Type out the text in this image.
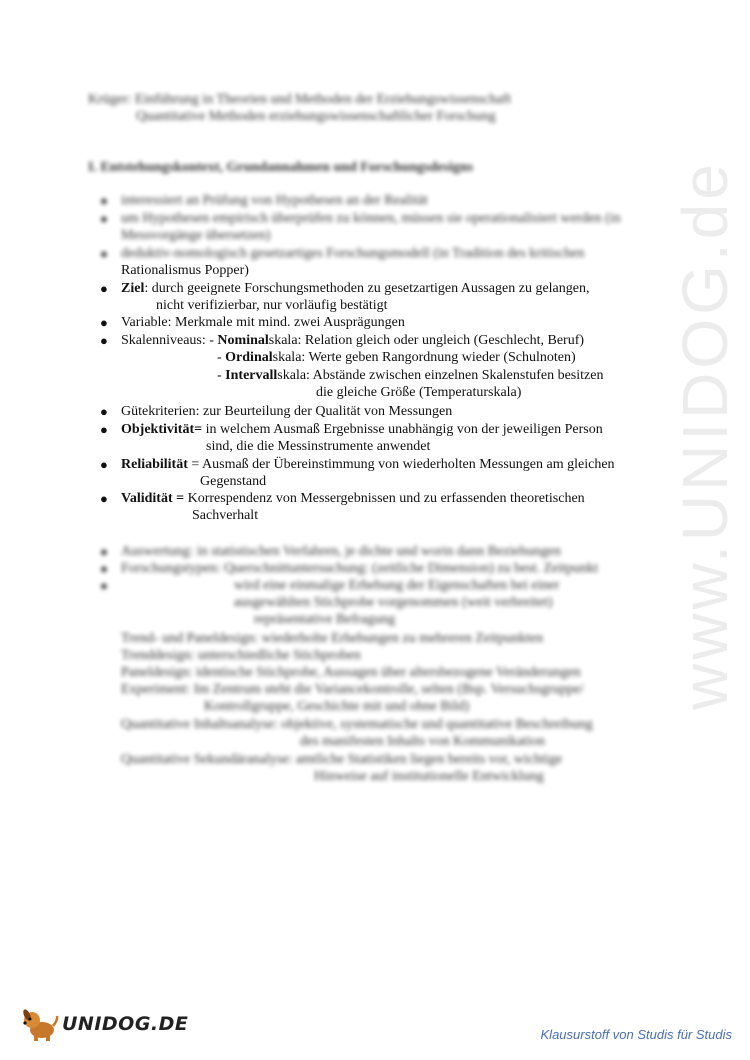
www.UNIDOG.de
Krüger: Einführung in Theorien und Methoden der Erziehungswissenschaft
Quantitative Methoden erziehungswissenschaftlicher Forschung
I. Entstehungskontext, Grundannahmen und Forschungsdesigns
● interessiert an Prüfung von Hypothesen an der Realität
● um Hypothesen empirisch überprüfen zu können, müssen sie operationalisiert werden (in
Messvorgänge übersetzen)
● deduktiv-nomologisch gesetzartiges Forschungsmodell (in Tradition des kritischen
Rationalismus Popper)
● Ziel: durch geeignete Forschungsmethoden zu gesetzartigen Aussagen zu gelangen,
nicht verifizierbar, nur vorläufig bestätigt
● Variable: Merkmale mit mind. zwei Ausprägungen
● Skalenniveaus: - Nominalskala: Relation gleich oder ungleich (Geschlecht, Beruf)
- Ordinalskala: Werte geben Rangordnung wieder (Schulnoten)
- Intervallskala: Abstände zwischen einzelnen Skalenstufen besitzen
die gleiche Größe (Temperaturskala)
● Gütekriterien: zur Beurteilung der Qualität von Messungen
● Objektivität= in welchem Ausmaß Ergebnisse unabhängig von der jeweiligen Person
sind, die die Messinstrumente anwendet
● Reliabilität = Ausmaß der Übereinstimmung von wiederholten Messungen am gleichen
Gegenstand
● Validität = Korrespendenz von Messergebnissen und zu erfassenden theoretischen
Sachverhalt
● Auswertung: in statistischen Verfahren, je dichte und worin dann Beziehungen
● Forschungstypen: Querschnittuntersuchung: (zeitliche Dimension) zu best. Zeitpunkt
●	wird eine einmalige Erhebung der Eigenschaften bei einer
ausgewählten Stichprobe vorgenommen (weit verbreitet)
repräsentative Befragung
Trend- und Paneldesign: wiederholte Erhebungen zu mehreren Zeitpunkten
Trenddesign: unterschiedliche Stichproben
Paneldesign: identische Stichprobe, Aussagen über altersbezogene Veränderungen
Experiment: Im Zentrum steht die Variancekontrolle, selten (Bsp. Versuchsgruppe/
Kontrollgruppe, Geschichte mit und ohne Bild)
Quantitative Inhaltsanalyse: objektive, systematische und quantitative Beschreibung
des manifesten Inhalts von Kommunikation
Quantitative Sekundäranalyse: amtliche Statistiken liegen bereits vor, wichtige
Hinweise auf institutionelle Entwicklung
UNIDOG.DE	Klausurstoff von Studis für Studis
